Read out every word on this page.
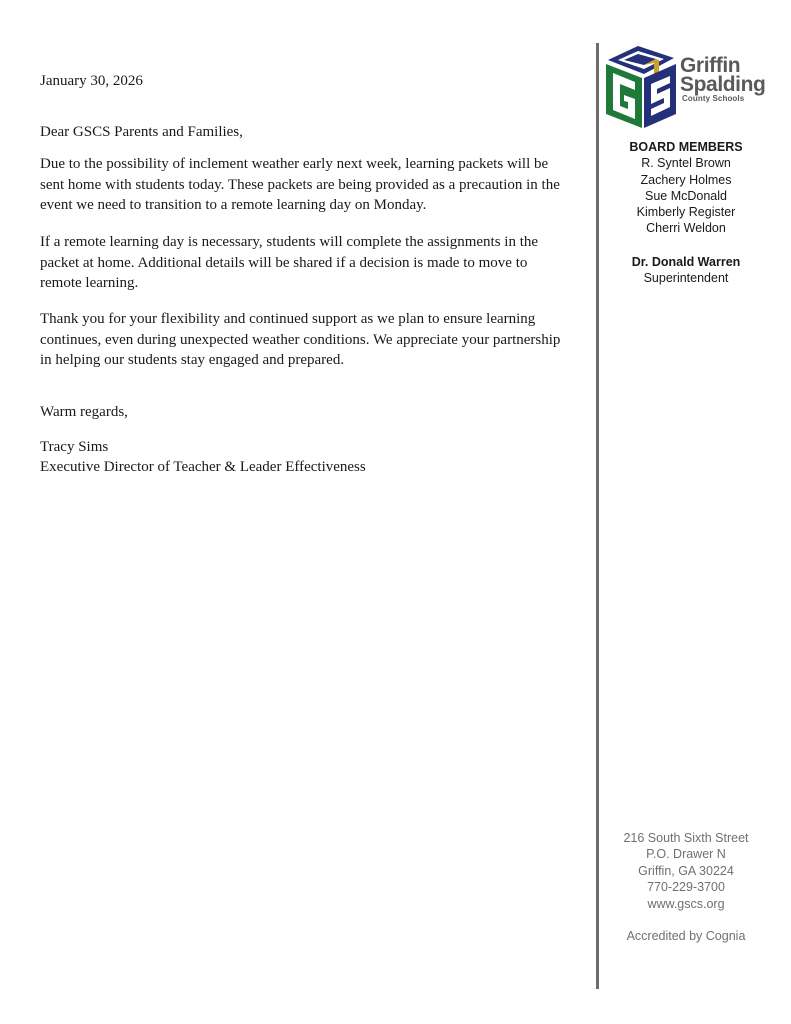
January 30, 2026
Dear GSCS Parents and Families,

Due to the possibility of inclement weather early next week, learning packets will be sent home with students today. These packets are being provided as a precaution in the event we need to transition to a remote learning day on Monday.

If a remote learning day is necessary, students will complete the assignments in the packet at home. Additional details will be shared if a decision is made to move to remote learning.

Thank you for your flexibility and continued support as we plan to ensure learning continues, even during unexpected weather conditions. We appreciate your partnership in helping our students stay engaged and prepared.

Warm regards,
Tracy Sims
Executive Director of Teacher & Leader Effectiveness
Griffin
Spalding
County Schools
BOARD MEMBERS
R. Syntel Brown
Zachery Holmes
Sue McDonald
Kimberly Register
Cherri Weldon
Dr. Donald Warren
Superintendent
216 South Sixth Street
P.O. Drawer N
Griffin, GA 30224
770-229-3700
www.gscs.org
Accredited by Cognia
